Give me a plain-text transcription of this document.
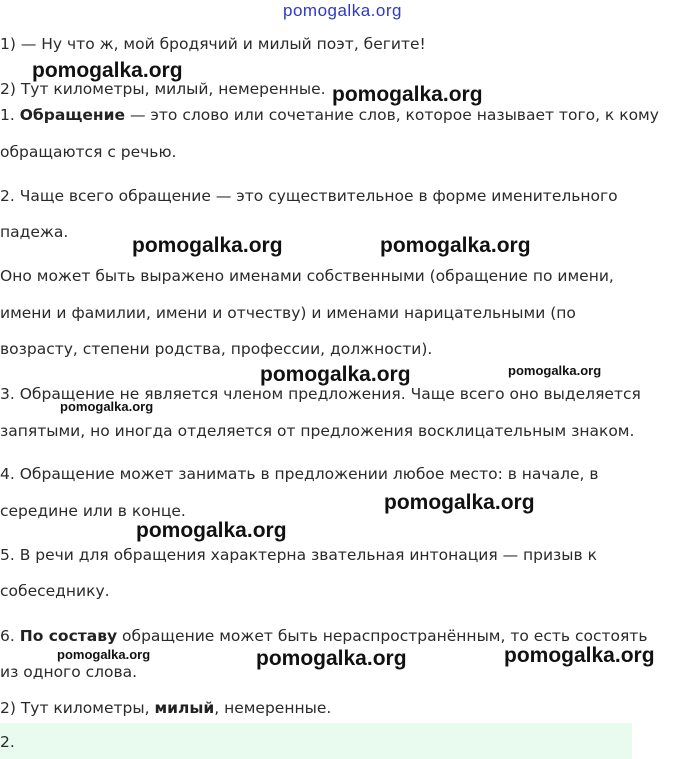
1) — Ну что ж, мой бродячий и милый поэт, бегите!
2) Тут километры, милый, немеренные.
1. Обращение — это слово или сочетание слов, которое называет того, к кому
обращаются с речью.
2. Чаще всего обращение — это существительное в форме именительного
падежа.
Оно может быть выражено именами собственными (обращение по имени,
имени и фамилии, имени и отчеству) и именами нарицательными (по
возрасту, степени родства, профессии, должности).
3. Обращение не является членом предложения. Чаще всего оно выделяется
запятыми, но иногда отделяется от предложения восклицательным знаком.
4. Обращение может занимать в предложении любое место: в начале, в
середине или в конце.
5. В речи для обращения характерна звательная интонация — призыв к
собеседнику.
6. По составу обращение может быть нераспространённым, то есть состоять
из одного слова.
2) Тут километры, милый, немеренные.
2.
pomogalka.org
pomogalka.org
pomogalka.org
pomogalka.org	pomogalka.org
pomogalka.org	pomogalka.org
pomogalka.org
pomogalka.org
pomogalka.org
pomogalka.org	pomogalka.org	pomogalka.org
